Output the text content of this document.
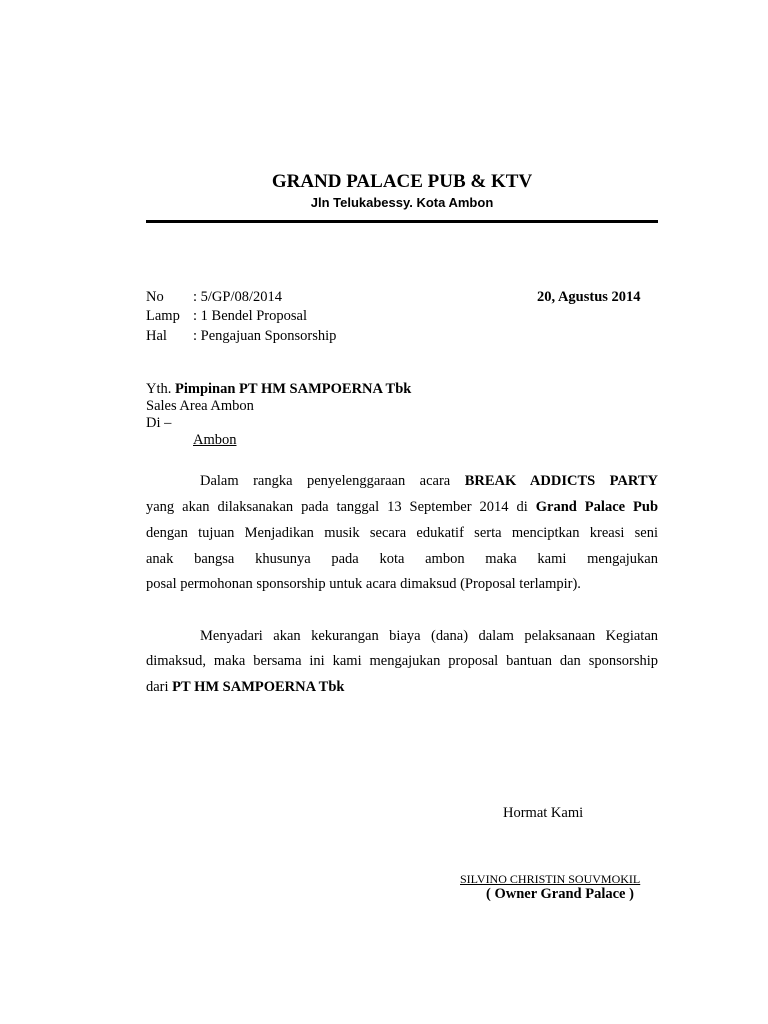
GRAND PALACE PUB & KTV
Jln Telukabessy. Kota Ambon
No : 5/GP/08/2014
Lamp : 1 Bendel Proposal
Hal : Pengajuan Sponsorship
20, Agustus 2014
Yth. Pimpinan PT HM SAMPOERNA Tbk
Sales Area Ambon
Di –
Ambon
Dalam rangka penyelenggaraan acara BREAK ADDICTS PARTY
yang akan dilaksanakan pada tanggal 13 September 2014 di Grand Palace Pub
dengan tujuan Menjadikan musik secara edukatif serta menciptkan kreasi seni
anak bangsa khusunya pada kota ambon maka kami mengajukan
posal permohonan sponsorship untuk acara dimaksud (Proposal terlampir).
Menyadari akan kekurangan biaya (dana) dalam pelaksanaan Kegiatan
dimaksud, maka bersama ini kami mengajukan proposal bantuan dan sponsorship
dari PT HM SAMPOERNA Tbk
Hormat Kami
SILVINO CHRISTIN SOUVMOKIL
( Owner Grand Palace )
